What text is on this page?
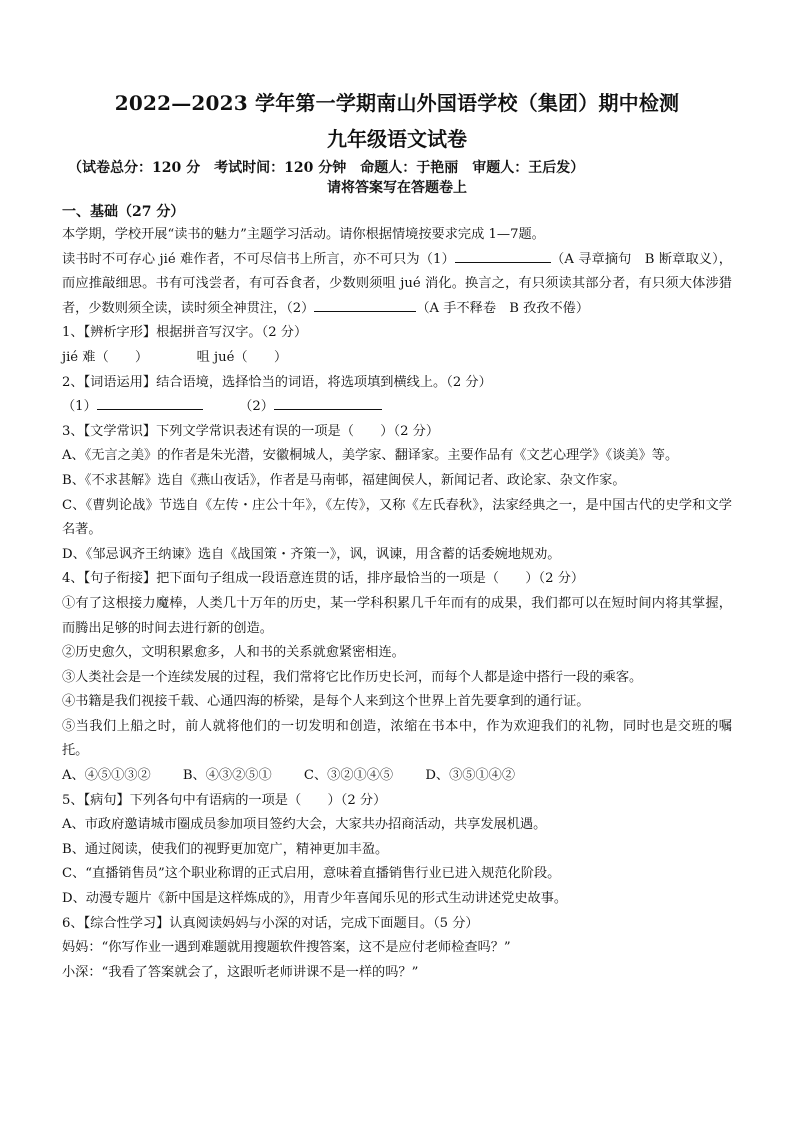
2022—2023 学年第一学期南山外国语学校（集团）期中检测
九年级语文试卷
（试卷总分：120 分　考试时间：120 分钟　命题人：于艳丽　审题人：王后发）
请将答案写在答题卷上
一、基础（27 分）
本学期，学校开展“读书的魅力”主题学习活动。请你根据情境按要求完成 1—7题。
读书时不可存心 jié 难作者，不可尽信书上所言，亦不可只为（1）	（A 寻章摘句　B 断章取义），而应推敲细思。书有可浅尝者，有可吞食者，少数则须咀 jué 消化。换言之，有只须读其部分者，有只须大体涉猎者，少数则须全读，读时须全神贯注，（2）	（A 手不释卷　B 孜孜不倦）
1、【辨析字形】根据拼音写汉字。（2 分）
jié 难（　　）	咀 jué（　　）
2、【词语运用】结合语境，选择恰当的词语，将选项填到横线上。（2 分）
（1）	（2）
3、【文学常识】下列文学常识表述有误的一项是（　　）（2 分）
A、《无言之美》的作者是朱光潜，安徽桐城人，美学家、翻译家。主要作品有《文艺心理学》《谈美》等。
B、《不求甚解》选自《燕山夜话》，作者是马南邨，福建闽侯人，新闻记者、政论家、杂文作家。
C、《曹刿论战》节选自《左传・庄公十年》，《左传》，又称《左氏春秋》，法家经典之一，是中国古代的史学和文学名著。
D、《邹忌讽齐王纳谏》选自《战国策・齐策一》，讽，讽谏，用含蓄的话委婉地规劝。
4、【句子衔接】把下面句子组成一段语意连贯的话，排序最恰当的一项是（　　）（2 分）
①有了这根接力魔棒，人类几十万年的历史，某一学科积累几千年而有的成果，我们都可以在短时间内将其掌握，而腾出足够的时间去进行新的创造。
②历史愈久，文明积累愈多，人和书的关系就愈紧密相连。
③人类社会是一个连续发展的过程，我们常将它比作历史长河，而每个人都是途中搭行一段的乘客。
④书籍是我们视接千载、心通四海的桥梁，是每个人来到这个世界上首先要拿到的通行证。
⑤当我们上船之时，前人就将他们的一切发明和创造，浓缩在书本中，作为欢迎我们的礼物，同时也是交班的嘱托。
A、④⑤①③② B、④③②⑤① C、③②①④⑤ D、③⑤①④②
5、【病句】下列各句中有语病的一项是（　　）（2 分）
A、市政府邀请城市圈成员参加项目签约大会，大家共办招商活动，共享发展机遇。
B、通过阅读，使我们的视野更加宽广，精神更加丰盈。
C、“直播销售员”这个职业称谓的正式启用，意味着直播销售行业已进入规范化阶段。
D、动漫专题片《新中国是这样炼成的》，用青少年喜闻乐见的形式生动讲述党史故事。
6、【综合性学习】认真阅读妈妈与小深的对话，完成下面题目。（5 分）
妈妈：“你写作业一遇到难题就用搜题软件搜答案，这不是应付老师检查吗？”
小深：“我看了答案就会了，这跟听老师讲课不是一样的吗？”
